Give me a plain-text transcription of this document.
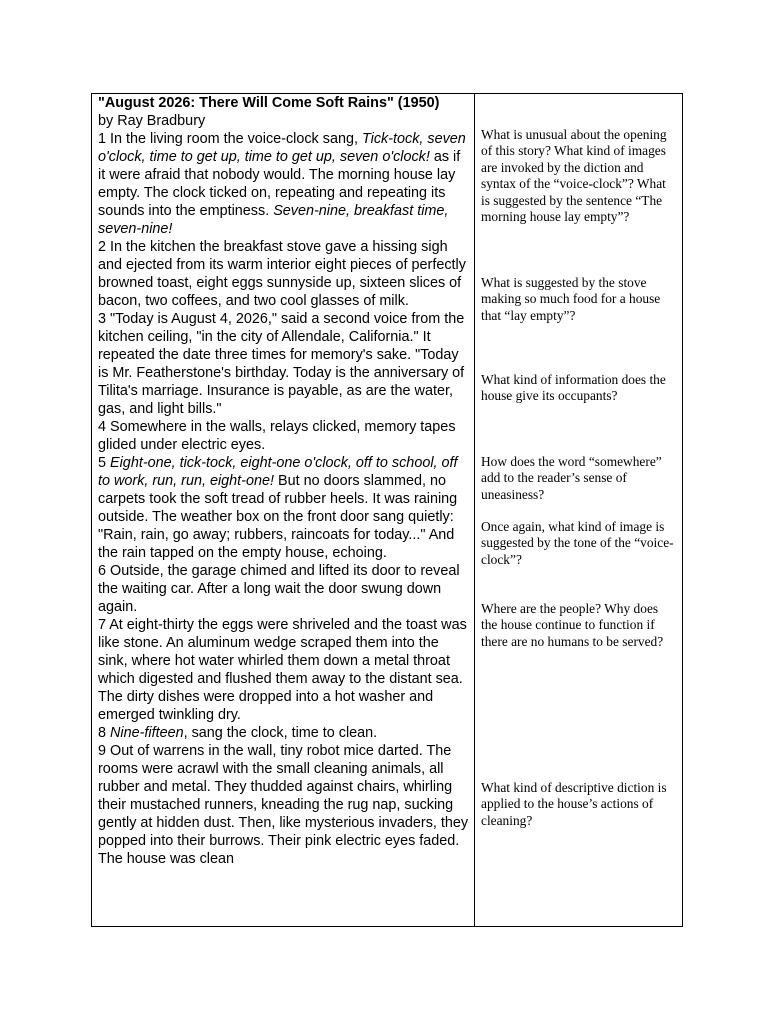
"August 2026: There Will Come Soft Rains" (1950)

by Ray Bradbury

1 In the living room the voice-clock sang, Tick-tock, seven o'clock, time to get up, time to get up, seven o'clock! as if it were afraid that nobody would. The morning house lay empty. The clock ticked on, repeating and repeating its sounds into the emptiness. Seven-nine, breakfast time, seven-nine!

2 In the kitchen the breakfast stove gave a hissing sigh and ejected from its warm interior eight pieces of perfectly browned toast, eight eggs sunnyside up, sixteen slices of bacon, two coffees, and two cool glasses of milk.

3 "Today is August 4, 2026," said a second voice from the kitchen ceiling, "in the city of Allendale, California." It repeated the date three times for memory's sake. "Today is Mr. Featherstone's birthday. Today is the anniversary of Tilita's marriage. Insurance is payable, as are the water, gas, and light bills."

4 Somewhere in the walls, relays clicked, memory tapes glided under electric eyes.

5 Eight-one, tick-tock, eight-one o'clock, off to school, off to work, run, run, eight-one! But no doors slammed, no carpets took the soft tread of rubber heels. It was raining outside. The weather box on the front door sang quietly: "Rain, rain, go away; rubbers, raincoats for today..." And the rain tapped on the empty house, echoing.

6 Outside, the garage chimed and lifted its door to reveal the waiting car. After a long wait the door swung down again.

7 At eight-thirty the eggs were shriveled and the toast was like stone. An aluminum wedge scraped them into the sink, where hot water whirled them down a metal throat which digested and flushed them away to the distant sea. The dirty dishes were dropped into a hot washer and emerged twinkling dry.

8 Nine-fifteen, sang the clock, time to clean.

9 Out of warrens in the wall, tiny robot mice darted. The rooms were acrawl with the small cleaning animals, all rubber and metal. They thudded against chairs, whirling their mustached runners, kneading the rug nap, sucking gently at hidden dust. Then, like mysterious invaders, they popped into their burrows. Their pink electric eyes faded. The house was clean

What is unusual about the opening of this story? What kind of images are invoked by the diction and syntax of the “voice-clock”? What is suggested by the sentence “The morning house lay empty”?

What is suggested by the stove making so much food for a house that “lay empty”?

What kind of information does the house give its occupants?

How does the word “somewhere” add to the reader’s sense of uneasiness?

Once again, what kind of image is suggested by the tone of the “voice-clock”?

Where are the people? Why does the house continue to function if there are no humans to be served?

What kind of descriptive diction is applied to the house’s actions of cleaning?
